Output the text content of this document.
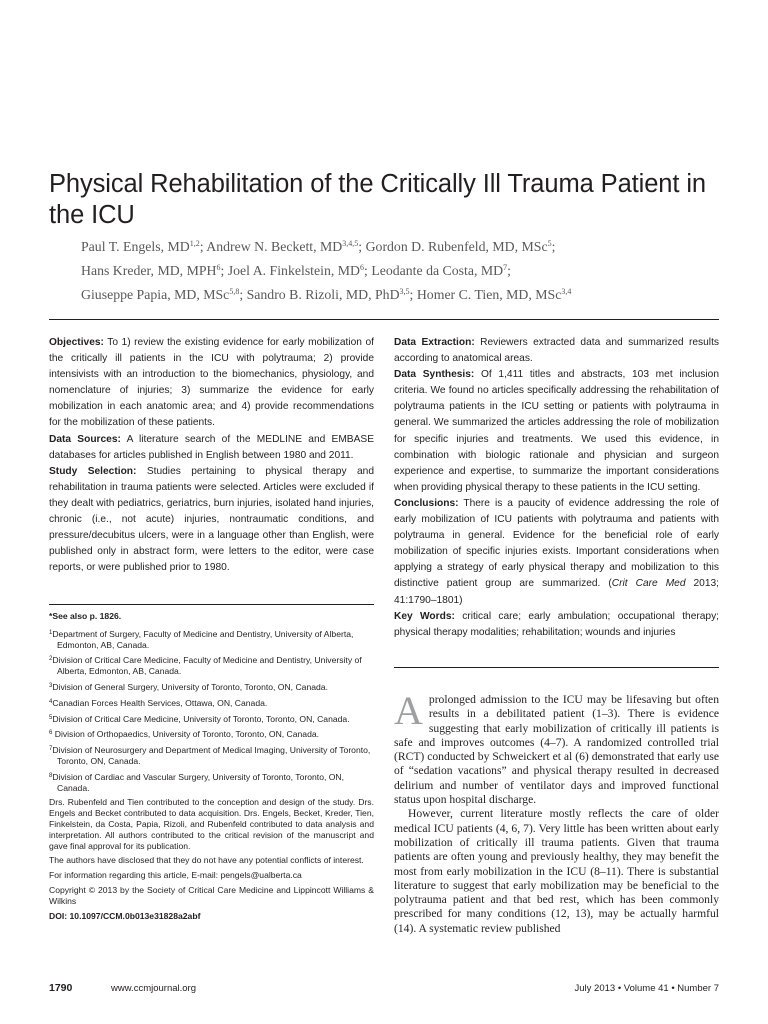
Physical Rehabilitation of the Critically Ill Trauma Patient in the ICU
Paul T. Engels, MD$^{1,2}$; Andrew N. Beckett, MD$^{3,4,5}$; Gordon D. Rubenfeld, MD, MSc$^5$;
Hans Kreder, MD, MPH$^6$; Joel A. Finkelstein, $MD^6$; Leodante da Costa, $MD^7$;
Giuseppe Papia, MD, MSc$^{5,8}$; Sandro B. Rizoli, MD, PhD$^{3,5}$; Homer C. Tien, MD, MSc$^{3,4}$

Objectives: To 1) review the existing evidence for early mobilization of the critically ill patients in the ICU with polytrauma; 2) provide intensivists with an introduction to the biomechanics, physiology, and nomenclature of injuries; 3) summarize the evidence for early mobilization in each anatomic area; and 4) provide recommendations for the mobilization of these patients.

Data Sources: A literature search of the MEDLINE and EMBASE databases for articles published in English between 1980 and 2011.

Study Selection: Studies pertaining to physical therapy and rehabilitation in trauma patients were selected. Articles were excluded if they dealt with pediatrics, geriatrics, burn injuries, isolated hand injuries, chronic (i.e., not acute) injuries, nontraumatic conditions, and pressure/decubitus ulcers, were in a language other than English, were published only in abstract form, were letters to the editor, were case reports, or were published prior to 1980.

Data Extraction: Reviewers extracted data and summarized results according to anatomical areas.

Data Synthesis: Of 1,411 titles and abstracts, 103 met inclusion criteria. We found no articles specifically addressing the rehabilitation of polytrauma patients in the ICU setting or patients with polytrauma in general. We summarized the articles addressing the role of mobilization for specific injuries and treatments. We used this evidence, in combination with biologic rationale and physician and surgeon experience and expertise, to summarize the important considerations when providing physical therapy to these patients in the ICU setting.

Conclusions: There is a paucity of evidence addressing the role of early mobilization of ICU patients with polytrauma and patients with polytrauma in general. Evidence for the beneficial role of early mobilization of specific injuries exists. Important considerations when applying a strategy of early physical therapy and mobilization to this distinctive patient group are summarized. (Crit Care Med 2013; 41:1790–1801)

Key Words: critical care; early ambulation; occupational therapy; physical therapy modalities; rehabilitation; wounds and injuries

*See also p. 1826.

$^1$Department of Surgery, Faculty of Medicine and Dentistry, University of Alberta, Edmonton, AB, Canada.

$^2$Division of Critical Care Medicine, Faculty of Medicine and Dentistry, University of Alberta, Edmonton, AB, Canada.

$^3$Division of General Surgery, University of Toronto, Toronto, ON, Canada.

$^4$Canadian Forces Health Services, Ottawa, ON, Canada.

$^5$Division of Critical Care Medicine, University of Toronto, Toronto, ON, Canada.

$^6$ Division of Orthopaedics, University of Toronto, Toronto, ON, Canada.

$^7$Division of Neurosurgery and Department of Medical Imaging, University of Toronto, Toronto, ON, Canada.

$^8$Division of Cardiac and Vascular Surgery, University of Toronto, Toronto, ON, Canada.

Drs. Rubenfeld and Tien contributed to the conception and design of the study. Drs. Engels and Becket contributed to data acquisition. Drs. Engels, Becket, Kreder, Tien, Finkelstein, da Costa, Papia, Rizoli, and Rubenfeld contributed to data analysis and interpretation. All authors contributed to the critical revision of the manuscript and gave final approval for its publication.

The authors have disclosed that they do not have any potential conflicts of interest.

For information regarding this article, E-mail: pengels@ualberta.ca

Copyright © 2013 by the Society of Critical Care Medicine and Lippincott Williams & Wilkins

DOI: 10.1097/CCM.0b013e31828a2abf

Aprolonged admission to the ICU may be lifesaving but often results in a debilitated patient (1–3). There is evidence suggesting that early mobilization of critically ill patients is safe and improves outcomes (4–7). A randomized controlled trial (RCT) conducted by Schweickert et al (6) demonstrated that early use of “sedation vacations” and physical therapy resulted in decreased delirium and number of ventilator days and improved functional status upon hospital discharge.

However, current literature mostly reflects the care of older medical ICU patients (4, 6, 7). Very little has been written about early mobilization of critically ill trauma patients. Given that trauma patients are often young and previously healthy, they may benefit the most from early mobilization in the ICU (8–11). There is substantial literature to suggest that early mobilization may be beneficial to the polytrauma patient and that bed rest, which has been commonly prescribed for many conditions (12, 13), may be actually harmful (14). A systematic review published

1790	www.ccmjournal.org	July 2013 • Volume 41 • Number 7
